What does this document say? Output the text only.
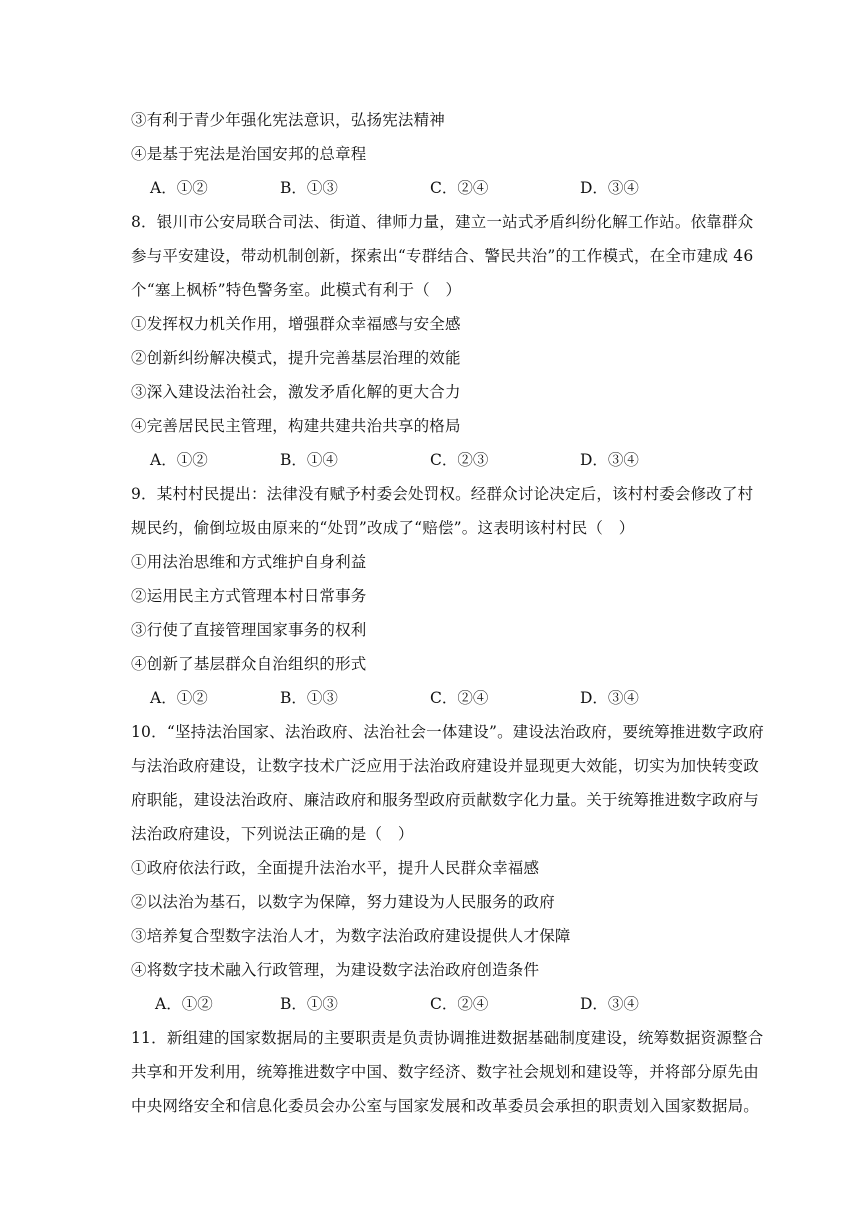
③有利于青少年强化宪法意识，弘扬宪法精神
④是基于宪法是治国安邦的总章程
A．①②	B．①③	C．②④	D．③④
8．银川市公安局联合司法、街道、律师力量，建立一站式矛盾纠纷化解工作站。依靠群众
参与平安建设，带动机制创新，探索出“专群结合、警民共治”的工作模式，在全市建成 46
个“塞上枫桥”特色警务室。此模式有利于（　）
①发挥权力机关作用，增强群众幸福感与安全感
②创新纠纷解决模式，提升完善基层治理的效能
③深入建设法治社会，激发矛盾化解的更大合力
④完善居民民主管理，构建共建共治共享的格局
A．①②	B．①④	C．②③	D．③④
9．某村村民提出：法律没有赋予村委会处罚权。经群众讨论决定后，该村村委会修改了村
规民约，偷倒垃圾由原来的“处罚”改成了“赔偿”。这表明该村村民（　）
①用法治思维和方式维护自身利益
②运用民主方式管理本村日常事务
③行使了直接管理国家事务的权利
④创新了基层群众自治组织的形式
A．①②	B．①③	C．②④	D．③④
10．“坚持法治国家、法治政府、法治社会一体建设”。建设法治政府，要统筹推进数字政府
与法治政府建设，让数字技术广泛应用于法治政府建设并显现更大效能，切实为加快转变政
府职能，建设法治政府、廉洁政府和服务型政府贡献数字化力量。关于统筹推进数字政府与
法治政府建设，下列说法正确的是（　）
①政府依法行政，全面提升法治水平，提升人民群众幸福感
②以法治为基石，以数字为保障，努力建设为人民服务的政府
③培养复合型数字法治人才，为数字法治政府建设提供人才保障
④将数字技术融入行政管理，为建设数字法治政府创造条件
A．①②	B．①③	C．②④	D．③④
11．新组建的国家数据局的主要职责是负责协调推进数据基础制度建设，统筹数据资源整合
共享和开发利用，统筹推进数字中国、数字经济、数字社会规划和建设等，并将部分原先由
中央网络安全和信息化委员会办公室与国家发展和改革委员会承担的职责划入国家数据局。
